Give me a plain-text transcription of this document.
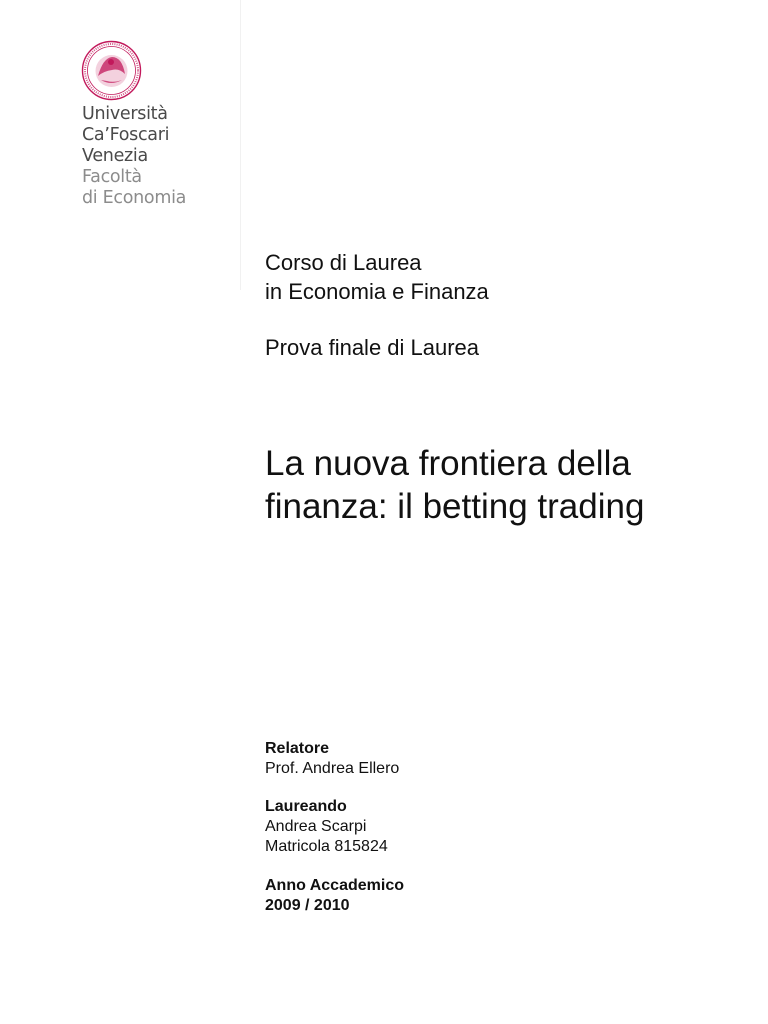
Università
Ca’Foscari
Venezia
Facoltà
di Economia
Corso di Laurea
in Economia e Finanza
Prova finale di Laurea
La nuova frontiera della
finanza: il betting trading
Relatore
Prof. Andrea Ellero
Laureando
Andrea Scarpi
Matricola 815824
Anno Accademico
2009 / 2010
